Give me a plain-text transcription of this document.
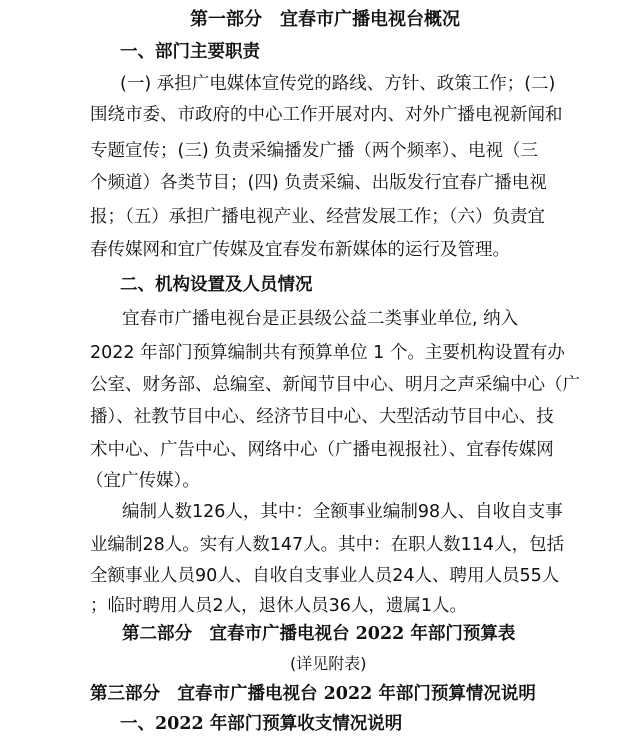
第一部分　宜春市广播电视台概况
一、部门主要职责
(一) 承担广电媒体宣传党的路线、方针、政策工作；(二)
围绕市委、市政府的中心工作开展对内、对外广播电视新闻和
专题宣传；(三) 负责采编播发广播（两个频率）、电视（三
个频道）各类节目；(四) 负责采编、出版发行宜春广播电视
报；（五）承担广播电视产业、经营发展工作；（六）负责宜
春传媒网和宜广传媒及宜春发布新媒体的运行及管理。
二、机构设置及人员情况
宜春市广播电视台是正县级公益二类事业单位, 纳入
2022 年部门预算编制共有预算单位 1 个。主要机构设置有办
公室、财务部、总编室、新闻节目中心、明月之声采编中心（广
播）、社教节目中心、经济节目中心、大型活动节目中心、技
术中心、广告中心、网络中心（广播电视报社）、宜春传媒网
（宜广传媒）。
编制人数126人，其中：全额事业编制98人、自收自支事
业编制28人。实有人数147人。其中：在职人数114人，包括
全额事业人员90人、自收自支事业人员24人、聘用人员55人
；临时聘用人员2人，退休人员36人，遗属1人。
第二部分　宜春市广播电视台 2022 年部门预算表
(详见附表)
第三部分　宜春市广播电视台 2022 年部门预算情况说明
一、2022 年部门预算收支情况说明
